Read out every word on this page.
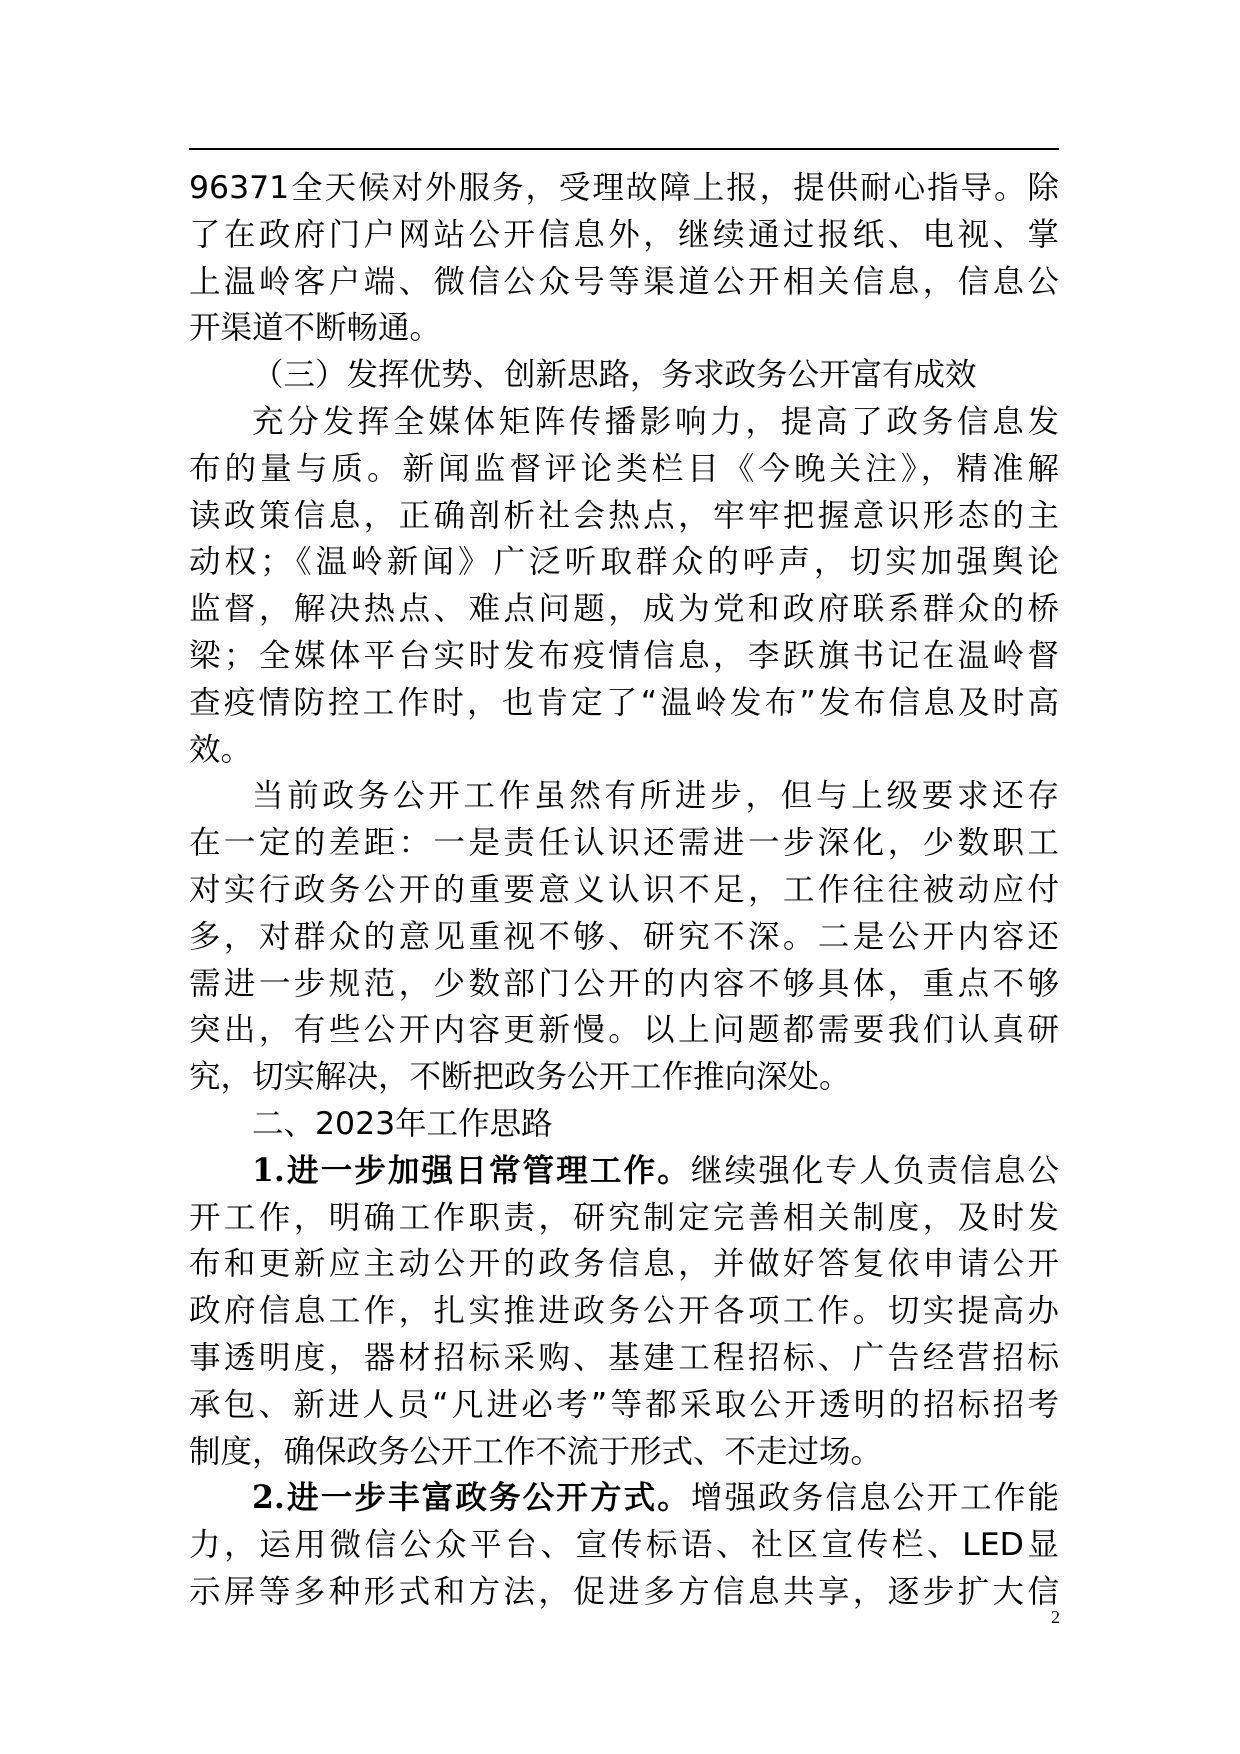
96371全天候对外服务，受理故障上报，提供耐心指导。除
了在政府门户网站公开信息外，继续通过报纸、电视、掌
上温岭客户端、微信公众号等渠道公开相关信息，信息公
开渠道不断畅通。
（三）发挥优势、创新思路，务求政务公开富有成效
充分发挥全媒体矩阵传播影响力，提高了政务信息发
布的量与质。新闻监督评论类栏目《今晚关注》，精准解
读政策信息，正确剖析社会热点，牢牢把握意识形态的主
动权；《温岭新闻》广泛听取群众的呼声，切实加强舆论
监督，解决热点、难点问题，成为党和政府联系群众的桥
梁；全媒体平台实时发布疫情信息，李跃旗书记在温岭督
查疫情防控工作时，也肯定了“温岭发布”发布信息及时高
效。
当前政务公开工作虽然有所进步，但与上级要求还存
在一定的差距：一是责任认识还需进一步深化，少数职工
对实行政务公开的重要意义认识不足，工作往往被动应付
多，对群众的意见重视不够、研究不深。二是公开内容还
需进一步规范，少数部门公开的内容不够具体，重点不够
突出，有些公开内容更新慢。以上问题都需要我们认真研
究，切实解决，不断把政务公开工作推向深处。
二、2023年工作思路
1.进一步加强日常管理工作。继续强化专人负责信息公
开工作，明确工作职责，研究制定完善相关制度，及时发
布和更新应主动公开的政务信息，并做好答复依申请公开
政府信息工作，扎实推进政务公开各项工作。切实提高办
事透明度，器材招标采购、基建工程招标、广告经营招标
承包、新进人员“凡进必考”等都采取公开透明的招标招考
制度，确保政务公开工作不流于形式、不走过场。
2.进一步丰富政务公开方式。增强政务信息公开工作能
力，运用微信公众平台、宣传标语、社区宣传栏、LED显
示屏等多种形式和方法，促进多方信息共享，逐步扩大信
2
